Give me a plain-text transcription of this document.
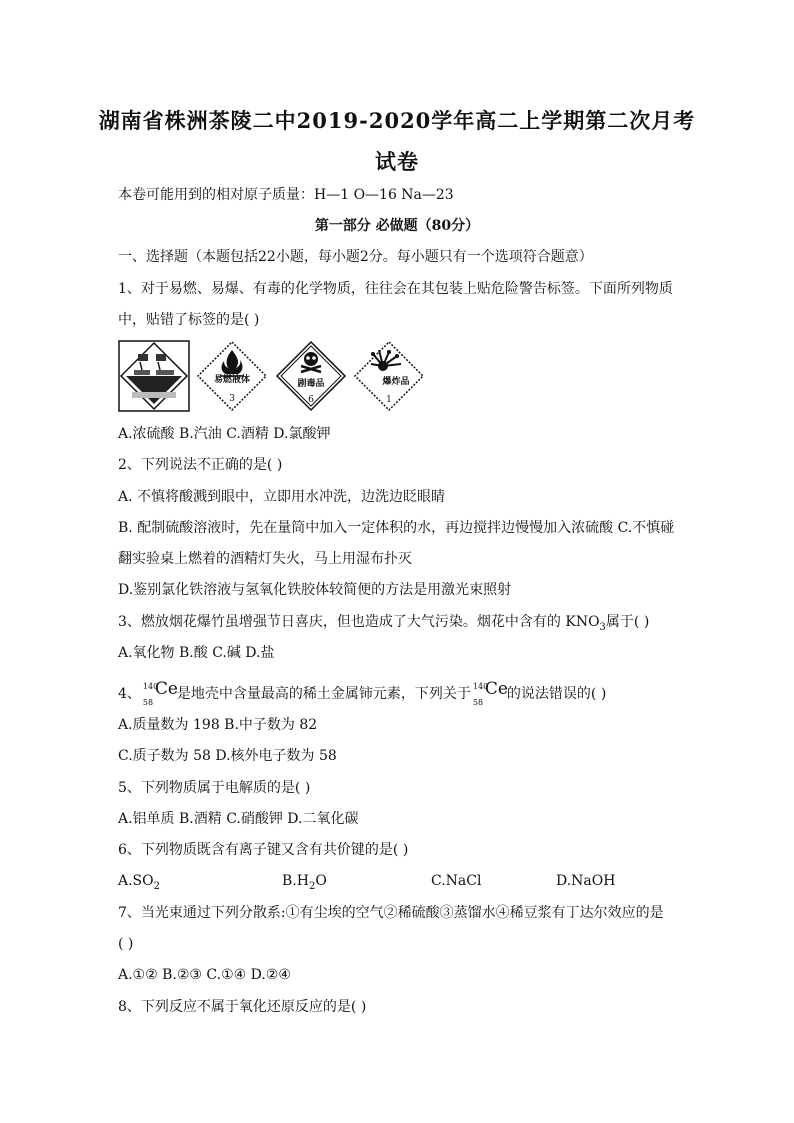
湖南省株洲茶陵二中2019-2020学年高二上学期第二次月考
试卷
本卷可能用到的相对原子质量：H—1 O—16 Na—23
第一部分 必做题（80分）
一、选择题（本题包括22小题，每小题2分。每小题只有一个选项符合题意）
1、对于易燃、易爆、有毒的化学物质，往往会在其包装上贴危险警告标签。下面所列物质
中，贴错了标签的是( )
易燃液体
3
剧毒品
6
爆炸品
1
A.浓硫酸 B.汽油 C.酒精 D.氯酸钾
2、下列说法不正确的是( )
A. 不慎将酸溅到眼中，立即用水冲洗，边洗边眨眼睛
B. 配制硫酸溶液时，先在量筒中加入一定体积的水，再边搅拌边慢慢加入浓硫酸 C.不慎碰
翻实验桌上燃着的酒精灯失火，马上用湿布扑灭
D.鉴别氯化铁溶液与氢氧化铁胶体较简便的方法是用激光束照射
3、燃放烟花爆竹虽增强节日喜庆，但也造成了大气污染。烟花中含有的 $KNO_3$属于( )
A.氧化物 B.酸 C.碱 D.盐
4、 140
58
Ce
是地壳中含量最高的稀土金属铈元素，下列关于 140
58
Ce
的说法错误的( )
A.质量数为 198 B.中子数为 82
C.质子数为 58 D.核外电子数为 58
5、下列物质属于电解质的是( )
A.铝单质 B.酒精 C.硝酸钾 D.二氧化碳
6、下列物质既含有离子键又含有共价键的是( )
$A.SO_2$	$B.H_2O$	C.NaCl	D.NaOH
7、当光束通过下列分散系:①有尘埃的空气②稀硫酸③蒸馏水④稀豆浆有丁达尔效应的是
( )
A.①② B.②③ C.①④ D.②④
8、下列反应不属于氧化还原反应的是( )
